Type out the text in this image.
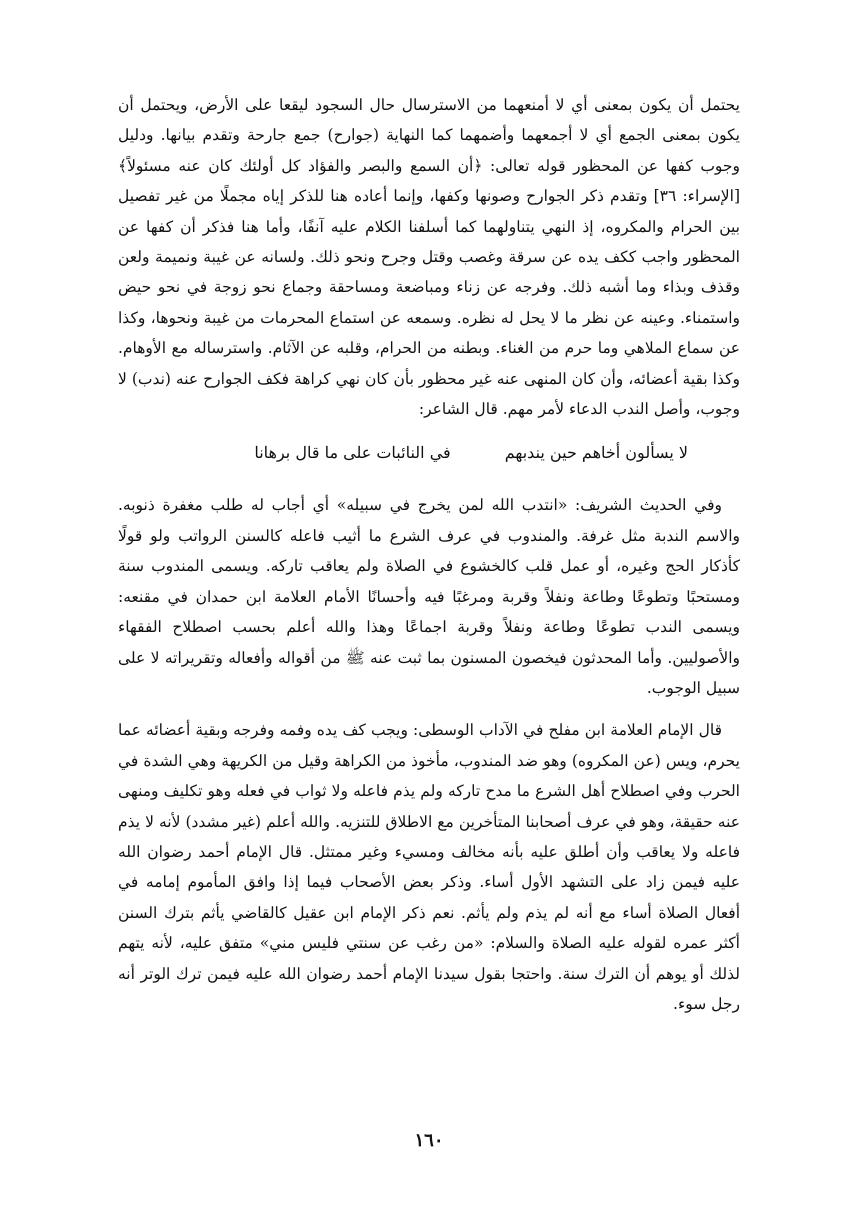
يحتمل أن يكون بمعنى أي لا أمنعهما من الاسترسال حال السجود ليقعا على الأرض، ويحتمل أن يكون بمعنى الجمع أي لا أجمعهما وأضمهما كما النهاية (جوارح) جمع جارحة وتقدم بيانها. ودليل وجوب كفها عن المحظور قوله تعالى: ﴿أن السمع والبصر والفؤاد كل أولئك كان عنه مسئولاً﴾ [الإسراء: ٣٦] وتقدم ذكر الجوارح وصونها وكفها، وإنما أعاده هنا للذكر إياه مجملًا من غير تفصيل بين الحرام والمكروه، إذ النهي يتناولهما كما أسلفنا الكلام عليه آنفًا، وأما هنا فذكر أن كفها عن المحظور واجب ككف يده عن سرقة وغصب وقتل وجرح ونحو ذلك. ولسانه عن غيبة ونميمة ولعن وقذف وبذاء وما أشبه ذلك. وفرجه عن زناء ومباضعة ومساحقة وجماع نحو زوجة في نحو حيض واستمناء. وعينه عن نظر ما لا يحل له نظره. وسمعه عن استماع المحرمات من غيبة ونحوها، وكذا عن سماع الملاهي وما حرم من الغناء. وبطنه من الحرام، وقلبه عن الآثام. واسترساله مع الأوهام. وكذا بقية أعضائه، وأن كان المنهى عنه غير محظور بأن كان نهي كراهة فكف الجوارح عنه (ندب) لا وجوب، وأصل الندب الدعاء لأمر مهم. قال الشاعر:

لا يسألون أخاهم حين يندبهم
في النائبات على ما قال برهانا

وفي الحديث الشريف: «انتدب الله لمن يخرج في سبيله» أي أجاب له طلب مغفرة ذنوبه. والاسم الندبة مثل غرفة. والمندوب في عرف الشرع ما أثيب فاعله كالسنن الرواتب ولو قولًا كأذكار الحج وغيره، أو عمل قلب كالخشوع في الصلاة ولم يعاقب تاركه. ويسمى المندوب سنة ومستحبًا وتطوعًا وطاعة ونفلاً وقربة ومرغبًا فيه وأحسانًا الأمام العلامة ابن حمدان في مقنعه: ويسمى الندب تطوعًا وطاعة ونفلاً وقربة اجماعًا وهذا والله أعلم بحسب اصطلاح الفقهاء والأصوليين. وأما المحدثون فيخصون المسنون بما ثبت عنه ﷺ من أقواله وأفعاله وتقريراته لا على سبيل الوجوب.

قال الإمام العلامة ابن مفلح في الآداب الوسطى: ويجب كف يده وفمه وفرجه وبقية أعضائه عما يحرم، ويس (عن المكروه) وهو ضد المندوب، مأخوذ من الكراهة وقيل من الكريهة وهي الشدة في الحرب وفي اصطلاح أهل الشرع ما مدح تاركه ولم يذم فاعله ولا ثواب في فعله وهو تكليف ومنهى عنه حقيقة، وهو في عرف أصحابنا المتأخرين مع الاطلاق للتنزيه. والله أعلم (غير مشدد) لأنه لا يذم فاعله ولا يعاقب وأن أطلق عليه بأنه مخالف ومسيء وغير ممتثل. قال الإمام أحمد رضوان الله عليه فيمن زاد على التشهد الأول أساء. وذكر بعض الأصحاب فيما إذا وافق المأموم إمامه في أفعال الصلاة أساء مع أنه لم يذم ولم يأثم. نعم ذكر الإمام ابن عقيل كالقاضي يأثم بترك السنن أكثر عمره لقوله عليه الصلاة والسلام: «من رغب عن سنتي فليس مني» متفق عليه، لأنه يتهم لذلك أو يوهم أن الترك سنة. واحتجا بقول سيدنا الإمام أحمد رضوان الله عليه فيمن ترك الوتر أنه رجل سوء.

١٦٠
